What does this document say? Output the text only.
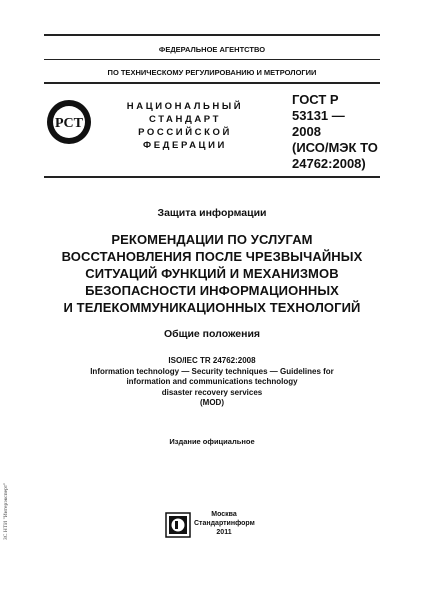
ФЕДЕРАЛЬНОЕ АГЕНТСТВО
ПО ТЕХНИЧЕСКОМУ РЕГУЛИРОВАНИЮ И МЕТРОЛОГИИ
PCT
НАЦИОНАЛЬНЫЙ
СТАНДАРТ
РОССИЙСКОЙ
ФЕДЕРАЦИИ
ГОСТ Р
53131 —
2008
(ИСО/МЭК ТО
24762:2008)
Защита информации
РЕКОМЕНДАЦИИ ПО УСЛУГАМ
ВОССТАНОВЛЕНИЯ ПОСЛЕ ЧРЕЗВЫЧАЙНЫХ
СИТУАЦИЙ ФУНКЦИЙ И МЕХАНИЗМОВ
БЕЗОПАСНОСТИ ИНФОРМАЦИОННЫХ
И ТЕЛЕКОММУНИКАЦИОННЫХ ТЕХНОЛОГИЙ
Общие положения
ISO/IEC TR 24762:2008
Information technology — Security techniques — Guidelines for
information and communications technology
disaster recovery services
(MOD)
Издание официальное
Москва
Стандартинформ
2011
ЗС НТИ "Интерэксперт"
